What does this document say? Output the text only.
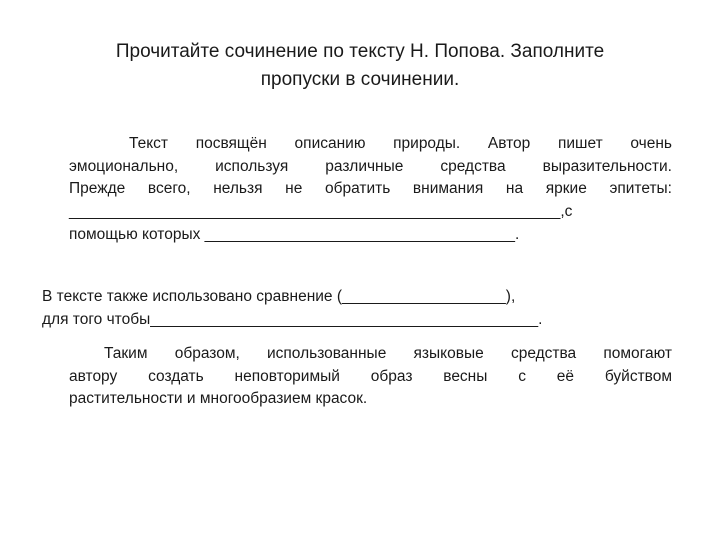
Прочитайте сочинение по тексту Н. Попова. Заполните
пропуски в сочинении.
Текст посвящён описанию природы. Автор пишет очень
эмоционально, используя различные средства выразительности.
Прежде всего, нельзя не обратить внимания на яркие эпитеты:
_________________________________________________________,с
помощью которых ____________________________________.
В тексте также использовано сравнение (___________________),
для того чтобы_____________________________________________.
Таким образом, использованные языковые средства помогают
автору создать неповторимый образ весны с её буйством
растительности и многообразием красок.
